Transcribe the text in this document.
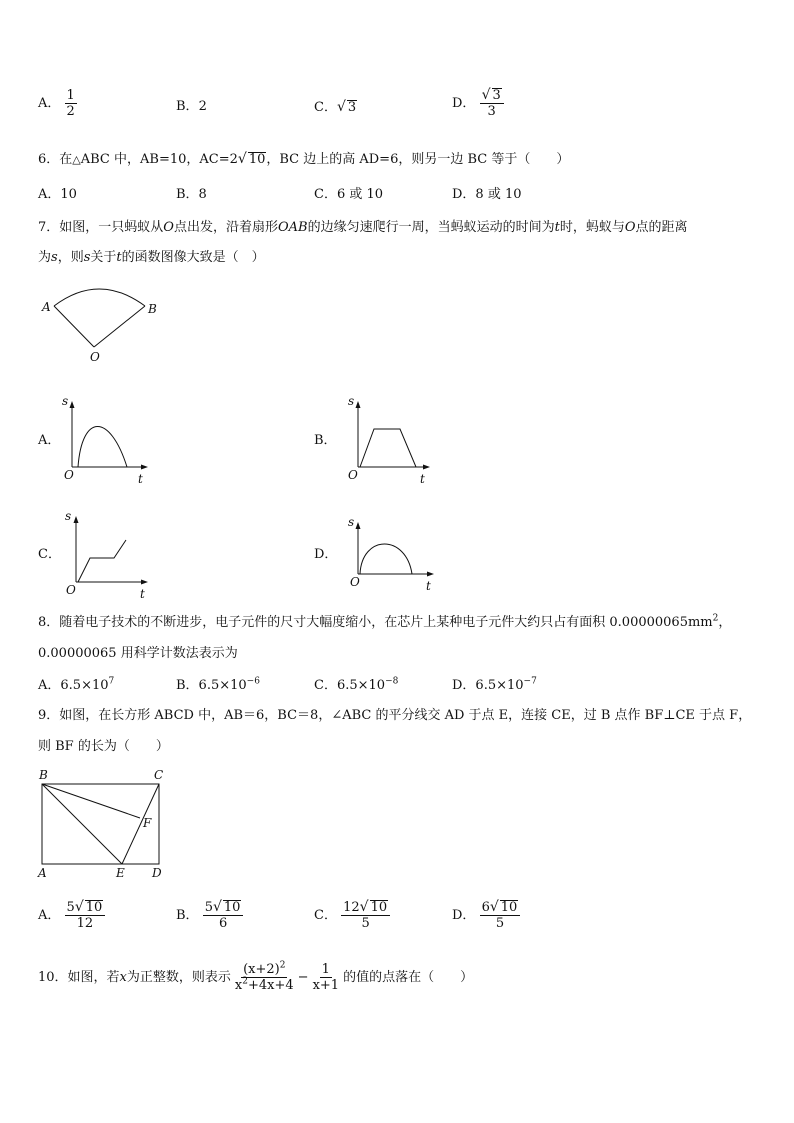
A． $\frac{1}{2}$	B．2	C．√ 3	D． $\frac{√ 3}{3}$
6．在△ABC 中，AB=10，AC=2√ 10，BC 边上的高 AD=6，则另一边 BC 等于（　　）
A．10	B．8	C．6 或 10	D．8 或 10
7．如图，一只蚂蚁从O点出发，沿着扇形OAB的边缘匀速爬行一周，当蚂蚁运动的时间为t时，蚂蚁与O点的距离
为s，则s关于t的函数图像大致是（　）
A	B
O
A．
s
O	t
B．
s
O	t
C．
s
O	t
D．
s
O	t
8．随着电子技术的不断进步，电子元件的尺寸大幅度缩小，在芯片上某种电子元件大约只占有面积 $0.00000065mm^2$，
0.00000065 用科学计数法表示为
A．$6.5\times 10^7$	B．$6.5\times 10^{-6}$	C．$6.5\times 10^{-8}$	D．$6.5\times 10^{-7}$
9．如图，在长方形 ABCD 中，AB＝6，BC＝8，∠ABC 的平分线交 AD 于点 E，连接 CE，过 B 点作 BF⊥CE 于点 F，
则 BF 的长为（　　）
B	C
F
A	E D
A． $\frac{5√ 10}{12}$	B． $\frac{5√ 10}{6}$	C． $\frac{12√ 10}{5}$	D． $\frac{6√ 10}{5}$
10．如图，若 x 为正整数，则表示 $\frac{(x+2)^2}{x^2+4x+4} - \frac{1}{x+1}$ 的值的点落在（　　）
